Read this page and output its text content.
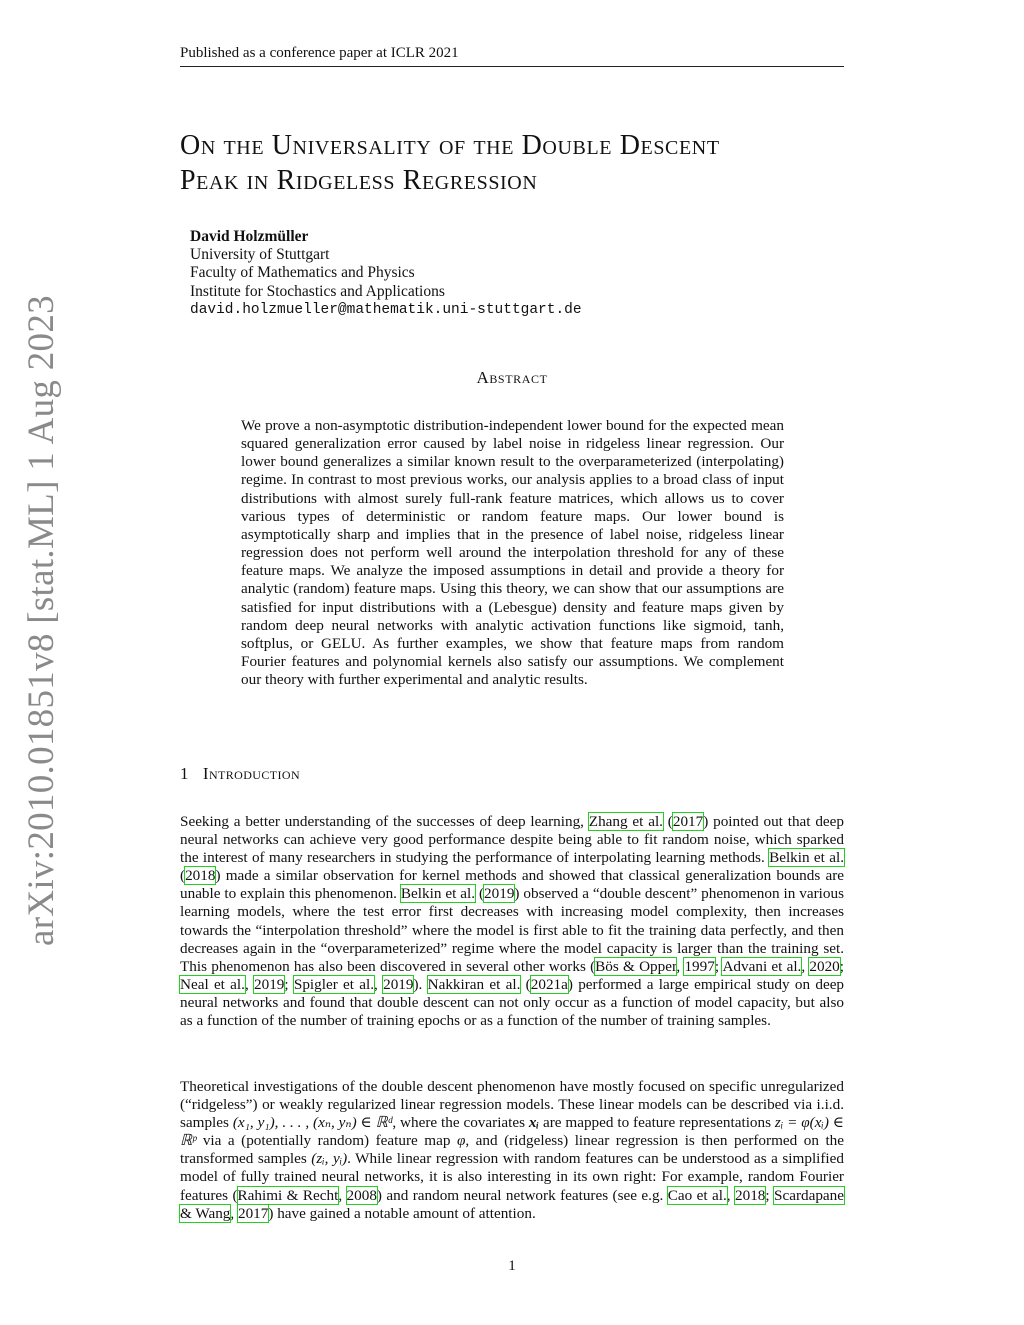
Published as a conference paper at ICLR 2021
arXiv:2010.01851v8 [stat.ML] 1 Aug 2023
On the Universality of the Double Descent
Peak in Ridgeless Regression
David Holzmüller
University of Stuttgart
Faculty of Mathematics and Physics
Institute for Stochastics and Applications
david.holzmueller@mathematik.uni-stuttgart.de
Abstract

We prove a non-asymptotic distribution-independent lower bound for the expected mean squared generalization error caused by label noise in ridgeless linear regression. Our lower bound generalizes a similar known result to the overparameterized (interpolating) regime. In contrast to most previous works, our analysis applies to a broad class of input distributions with almost surely full-rank feature matrices, which allows us to cover various types of deterministic or random feature maps. Our lower bound is asymptotically sharp and implies that in the presence of label noise, ridgeless linear regression does not perform well around the interpolation threshold for any of these feature maps. We analyze the imposed assumptions in detail and provide a theory for analytic (random) feature maps. Using this theory, we can show that our assumptions are satisfied for input distributions with a (Lebesgue) density and feature maps given by random deep neural networks with analytic activation functions like sigmoid, tanh, softplus, or GELU. As further examples, we show that feature maps from random Fourier features and polynomial kernels also satisfy our assumptions. We complement our theory with further experimental and analytic results.

1 Introduction

Seeking a better understanding of the successes of deep learning, Zhang et al. (2017) pointed out that deep neural networks can achieve very good performance despite being able to fit random noise, which sparked the interest of many researchers in studying the performance of interpolating learning methods. Belkin et al. (2018) made a similar observation for kernel methods and showed that classical generalization bounds are unable to explain this phenomenon. Belkin et al. (2019) observed a “double descent” phenomenon in various learning models, where the test error first decreases with increasing model complexity, then increases towards the “interpolation threshold” where the model is first able to fit the training data perfectly, and then decreases again in the “overparameterized” regime where the model capacity is larger than the training set. This phenomenon has also been discovered in several other works (Bös & Opper, 1997; Advani et al., 2020; Neal et al., 2019; Spigler et al., 2019). Nakkiran et al. (2021a) performed a large empirical study on deep neural networks and found that double descent can not only occur as a function of model capacity, but also as a function of the number of training epochs or as a function of the number of training samples.

Theoretical investigations of the double descent phenomenon have mostly focused on specific unregularized (“ridgeless”) or weakly regularized linear regression models. These linear models can be described via i.i.d. samples (x₁, y₁), . . . , (xₙ, yₙ) ∈ ℝᵈ, where the covariates xᵢ are mapped to feature representations zᵢ = φ(xᵢ) ∈ ℝᵖ via a (potentially random) feature map φ, and (ridgeless) linear regression is then performed on the transformed samples (zᵢ, yᵢ). While linear regression with random features can be understood as a simplified model of fully trained neural networks, it is also interesting in its own right: For example, random Fourier features (Rahimi & Recht, 2008) and random neural network features (see e.g. Cao et al., 2018; Scardapane & Wang, 2017) have gained a notable amount of attention.

1
